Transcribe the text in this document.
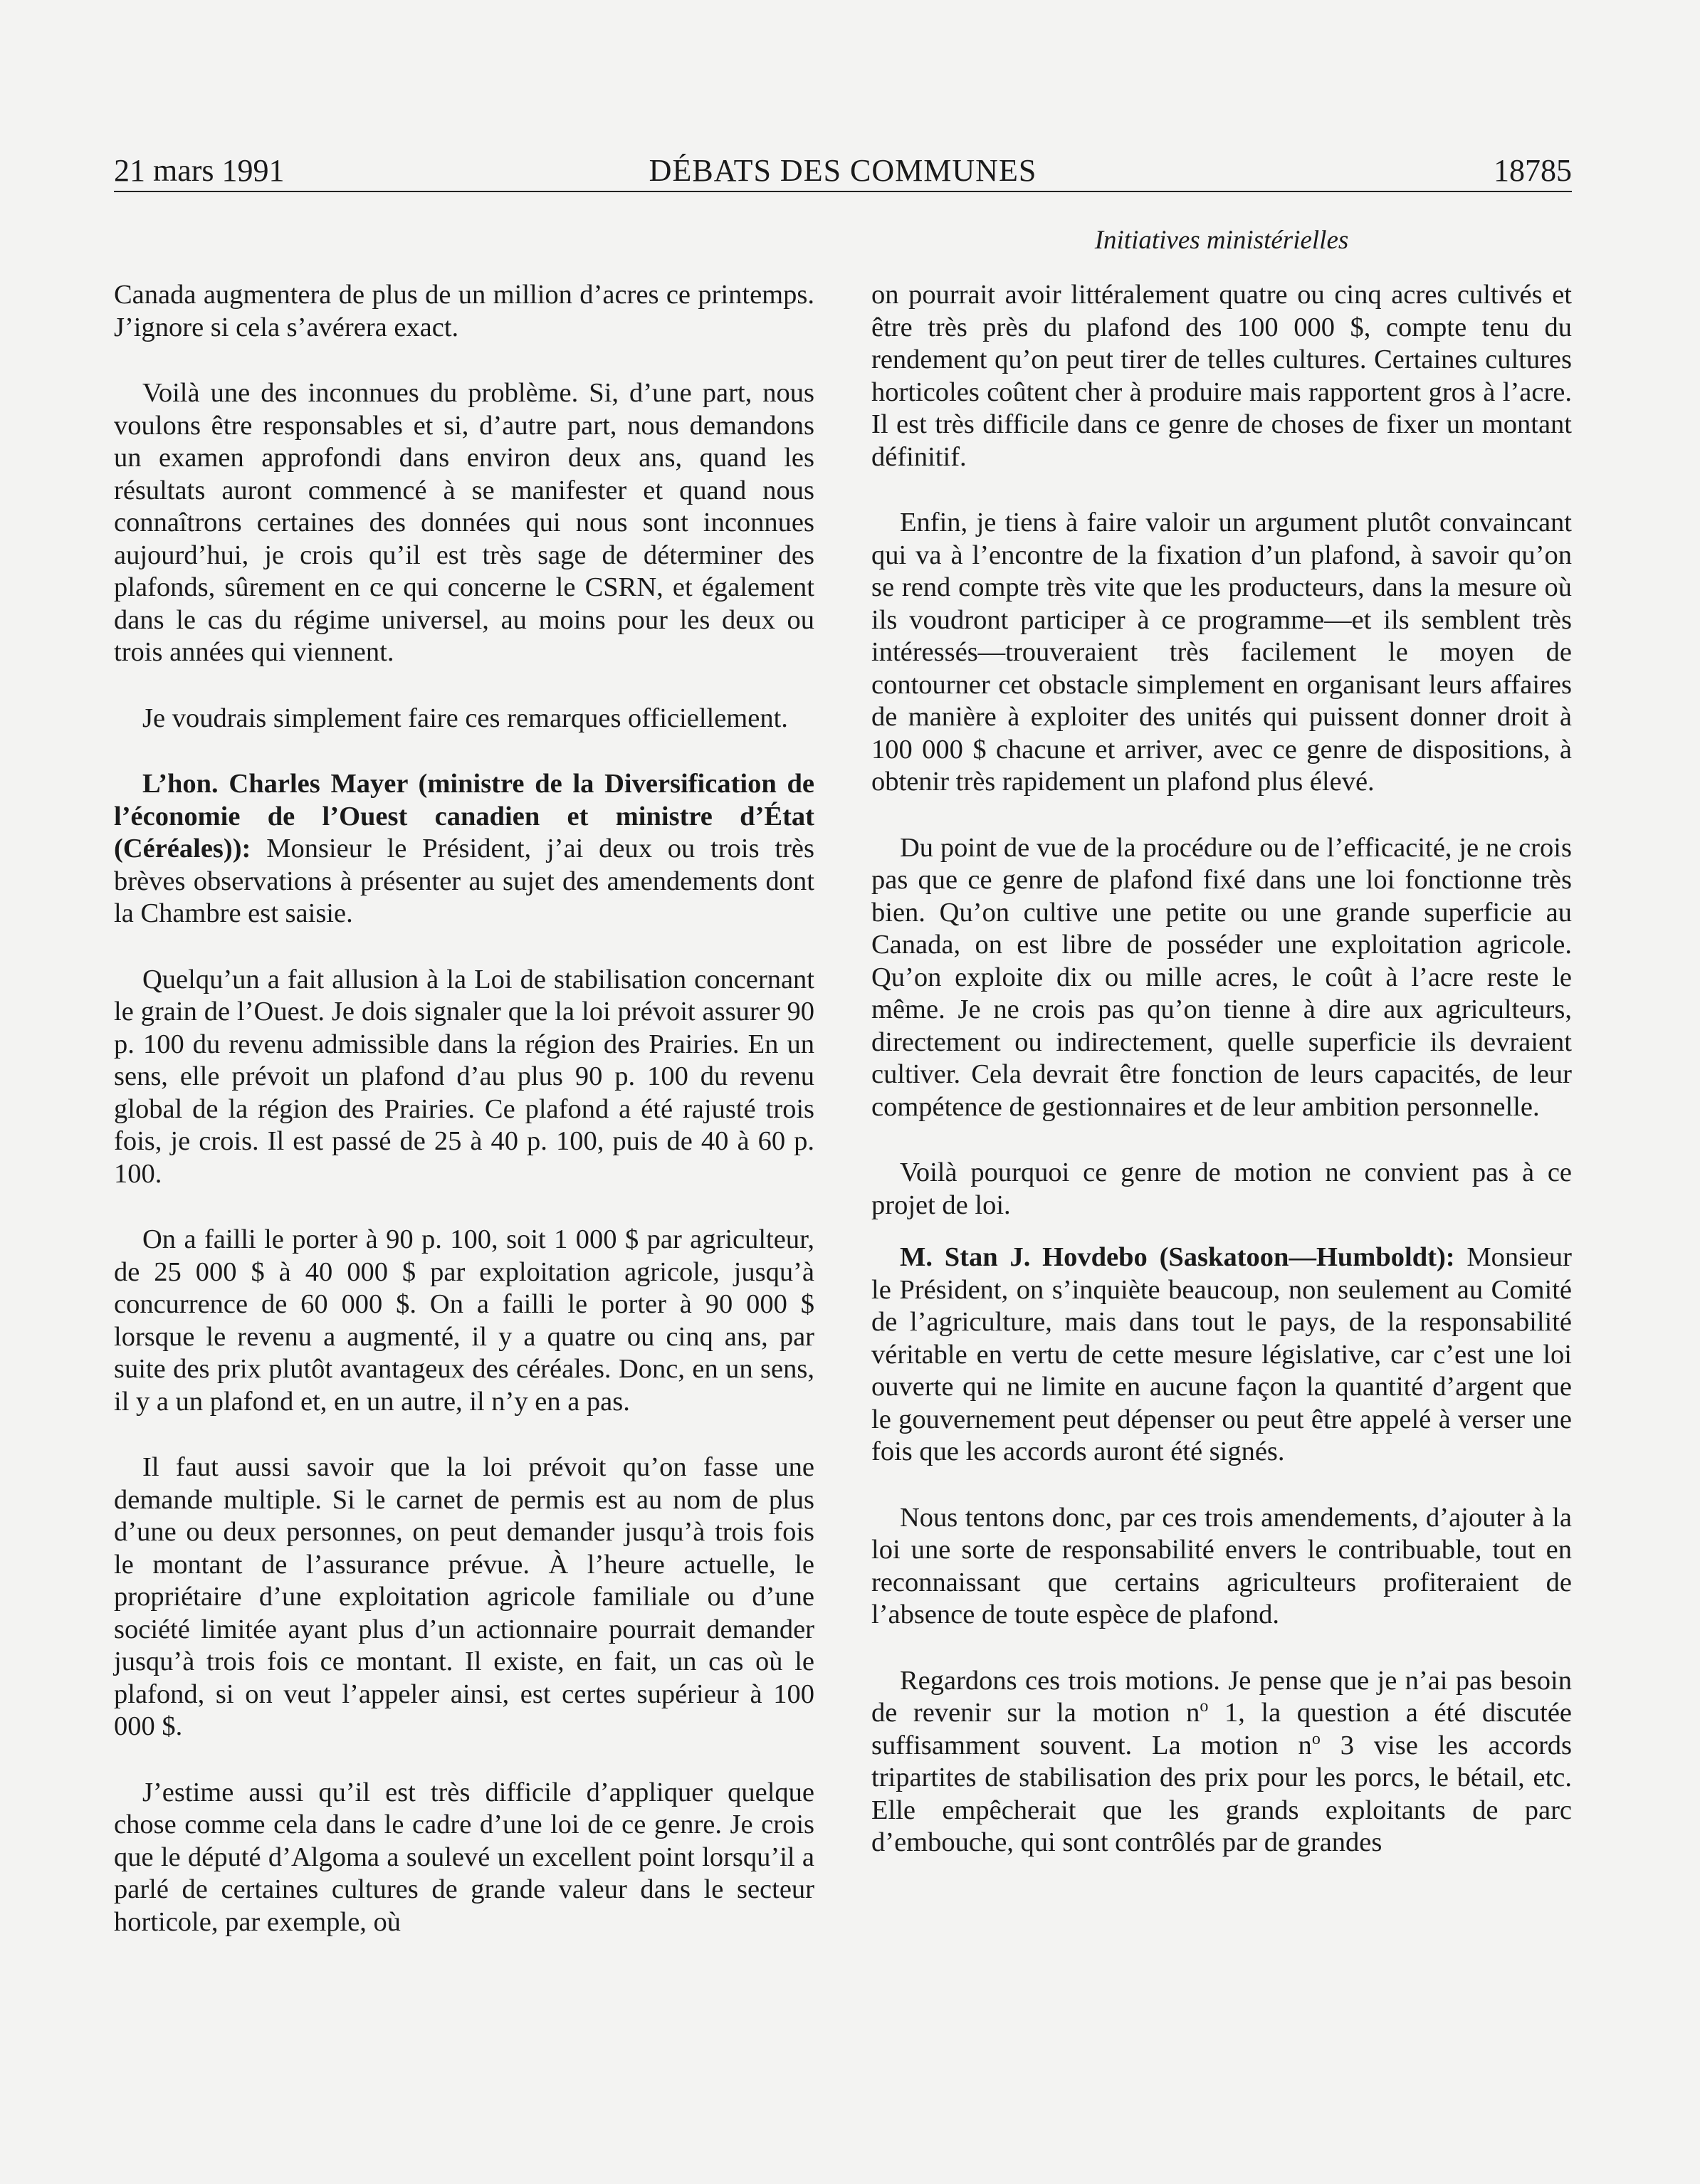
21 mars 1991	DÉBATS DES COMMUNES	18785
Initiatives ministérielles

Canada augmentera de plus de un million d’acres ce printemps. J’ignore si cela s’avérera exact.

Voilà une des inconnues du problème. Si, d’une part, nous voulons être responsables et si, d’autre part, nous demandons un examen approfondi dans environ deux ans, quand les résultats auront commencé à se manifester et quand nous connaîtrons certaines des données qui nous sont inconnues aujourd’hui, je crois qu’il est très sage de déterminer des plafonds, sûrement en ce qui concerne le CSRN, et également dans le cas du régime universel, au moins pour les deux ou trois années qui viennent.

Je voudrais simplement faire ces remarques officiellement.

L’hon. Charles Mayer (ministre de la Diversification de l’économie de l’Ouest canadien et ministre d’État (Céréales)): Monsieur le Président, j’ai deux ou trois très brèves observations à présenter au sujet des amendements dont la Chambre est saisie.

Quelqu’un a fait allusion à la Loi de stabilisation concernant le grain de l’Ouest. Je dois signaler que la loi prévoit assurer 90 p. 100 du revenu admissible dans la région des Prairies. En un sens, elle prévoit un plafond d’au plus 90 p. 100 du revenu global de la région des Prairies. Ce plafond a été rajusté trois fois, je crois. Il est passé de 25 à 40 p. 100, puis de 40 à 60 p. 100.

On a failli le porter à 90 p. 100, soit 1 000 $ par agriculteur, de 25 000 $ à 40 000 $ par exploitation agricole, jusqu’à concurrence de 60 000 $. On a failli le porter à 90 000 $ lorsque le revenu a augmenté, il y a quatre ou cinq ans, par suite des prix plutôt avantageux des céréales. Donc, en un sens, il y a un plafond et, en un autre, il n’y en a pas.

Il faut aussi savoir que la loi prévoit qu’on fasse une demande multiple. Si le carnet de permis est au nom de plus d’une ou deux personnes, on peut demander jusqu’à trois fois le montant de l’assurance prévue. À l’heure actuelle, le propriétaire d’une exploitation agricole familiale ou d’une société limitée ayant plus d’un actionnaire pourrait demander jusqu’à trois fois ce montant. Il existe, en fait, un cas où le plafond, si on veut l’appeler ainsi, est certes supérieur à 100 000 $.

J’estime aussi qu’il est très difficile d’appliquer quelque chose comme cela dans le cadre d’une loi de ce genre. Je crois que le député d’Algoma a soulevé un excellent point lorsqu’il a parlé de certaines cultures de grande valeur dans le secteur horticole, par exemple, où

on pourrait avoir littéralement quatre ou cinq acres cultivés et être très près du plafond des 100 000 $, compte tenu du rendement qu’on peut tirer de telles cultures. Certaines cultures horticoles coûtent cher à produire mais rapportent gros à l’acre. Il est très difficile dans ce genre de choses de fixer un montant définitif.

Enfin, je tiens à faire valoir un argument plutôt convaincant qui va à l’encontre de la fixation d’un plafond, à savoir qu’on se rend compte très vite que les producteurs, dans la mesure où ils voudront participer à ce programme—et ils semblent très intéressés—trouveraient très facilement le moyen de contourner cet obstacle simplement en organisant leurs affaires de manière à exploiter des unités qui puissent donner droit à 100 000 $ chacune et arriver, avec ce genre de dispositions, à obtenir très rapidement un plafond plus élevé.

Du point de vue de la procédure ou de l’efficacité, je ne crois pas que ce genre de plafond fixé dans une loi fonctionne très bien. Qu’on cultive une petite ou une grande superficie au Canada, on est libre de posséder une exploitation agricole. Qu’on exploite dix ou mille acres, le coût à l’acre reste le même. Je ne crois pas qu’on tienne à dire aux agriculteurs, directement ou indirectement, quelle superficie ils devraient cultiver. Cela devrait être fonction de leurs capacités, de leur compétence de gestionnaires et de leur ambition personnelle.

Voilà pourquoi ce genre de motion ne convient pas à ce projet de loi.

M. Stan J. Hovdebo (Saskatoon—Humboldt): Monsieur le Président, on s’inquiète beaucoup, non seulement au Comité de l’agriculture, mais dans tout le pays, de la responsabilité véritable en vertu de cette mesure législative, car c’est une loi ouverte qui ne limite en aucune façon la quantité d’argent que le gouvernement peut dépenser ou peut être appelé à verser une fois que les accords auront été signés.

Nous tentons donc, par ces trois amendements, d’ajouter à la loi une sorte de responsabilité envers le contribuable, tout en reconnaissant que certains agriculteurs profiteraient de l’absence de toute espèce de plafond.

Regardons ces trois motions. Je pense que je n’ai pas besoin de revenir sur la motion $n^o$ 1, la question a été discutée suffisamment souvent. La motion $n^o$ 3 vise les accords tripartites de stabilisation des prix pour les porcs, le bétail, etc. Elle empêcherait que les grands exploitants de parc d’embouche, qui sont contrôlés par de grandes
